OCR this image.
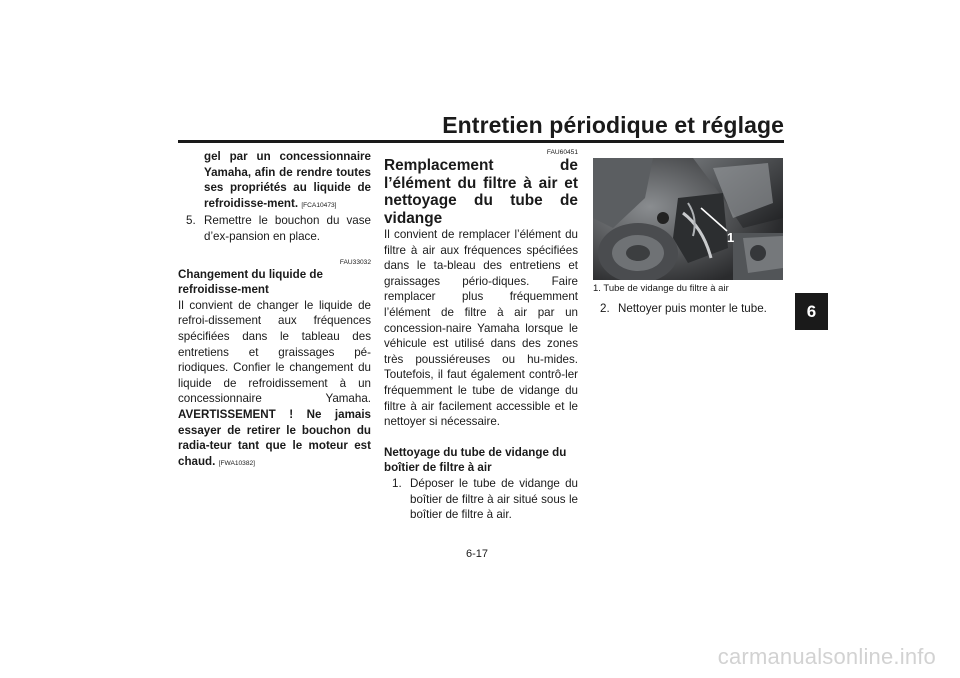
Entretien périodique et réglage
6

gel par un concessionnaire Yamaha, afin de rendre toutes ses propriétés au liquide de refroidisse-ment. [FCA10473]

5. Remettre le bouchon du vase d’ex-pansion en place.

FAU33032

Changement du liquide de refroidisse-ment

Il convient de changer le liquide de refroi-dissement aux fréquences spécifiées dans le tableau des entretiens et graissages pé-riodiques. Confier le changement du liquide de refroidissement à un concessionnaire Yamaha. AVERTISSEMENT ! Ne jamais essayer de retirer le bouchon du radia-teur tant que le moteur est chaud. [FWA10382]

FAU60451

Remplacement de l’élément du filtre à air et nettoyage du tube de vidange

Il convient de remplacer l’élément du filtre à air aux fréquences spécifiées dans le ta-bleau des entretiens et graissages pério-diques. Faire remplacer plus fréquemment l’élément de filtre à air par un concession-naire Yamaha lorsque le véhicule est utilisé dans des zones très poussiéreuses ou hu-mides. Toutefois, il faut également contrô-ler fréquemment le tube de vidange du filtre à air facilement accessible et le nettoyer si nécessaire.

Nettoyage du tube de vidange du boîtier de filtre à air

1. Déposer le tube de vidange du boîtier de filtre à air situé sous le boîtier de filtre à air.

1
1. Tube de vidange du filtre à air
2. Nettoyer puis monter le tube.

6-17
carmanualsonline.info
